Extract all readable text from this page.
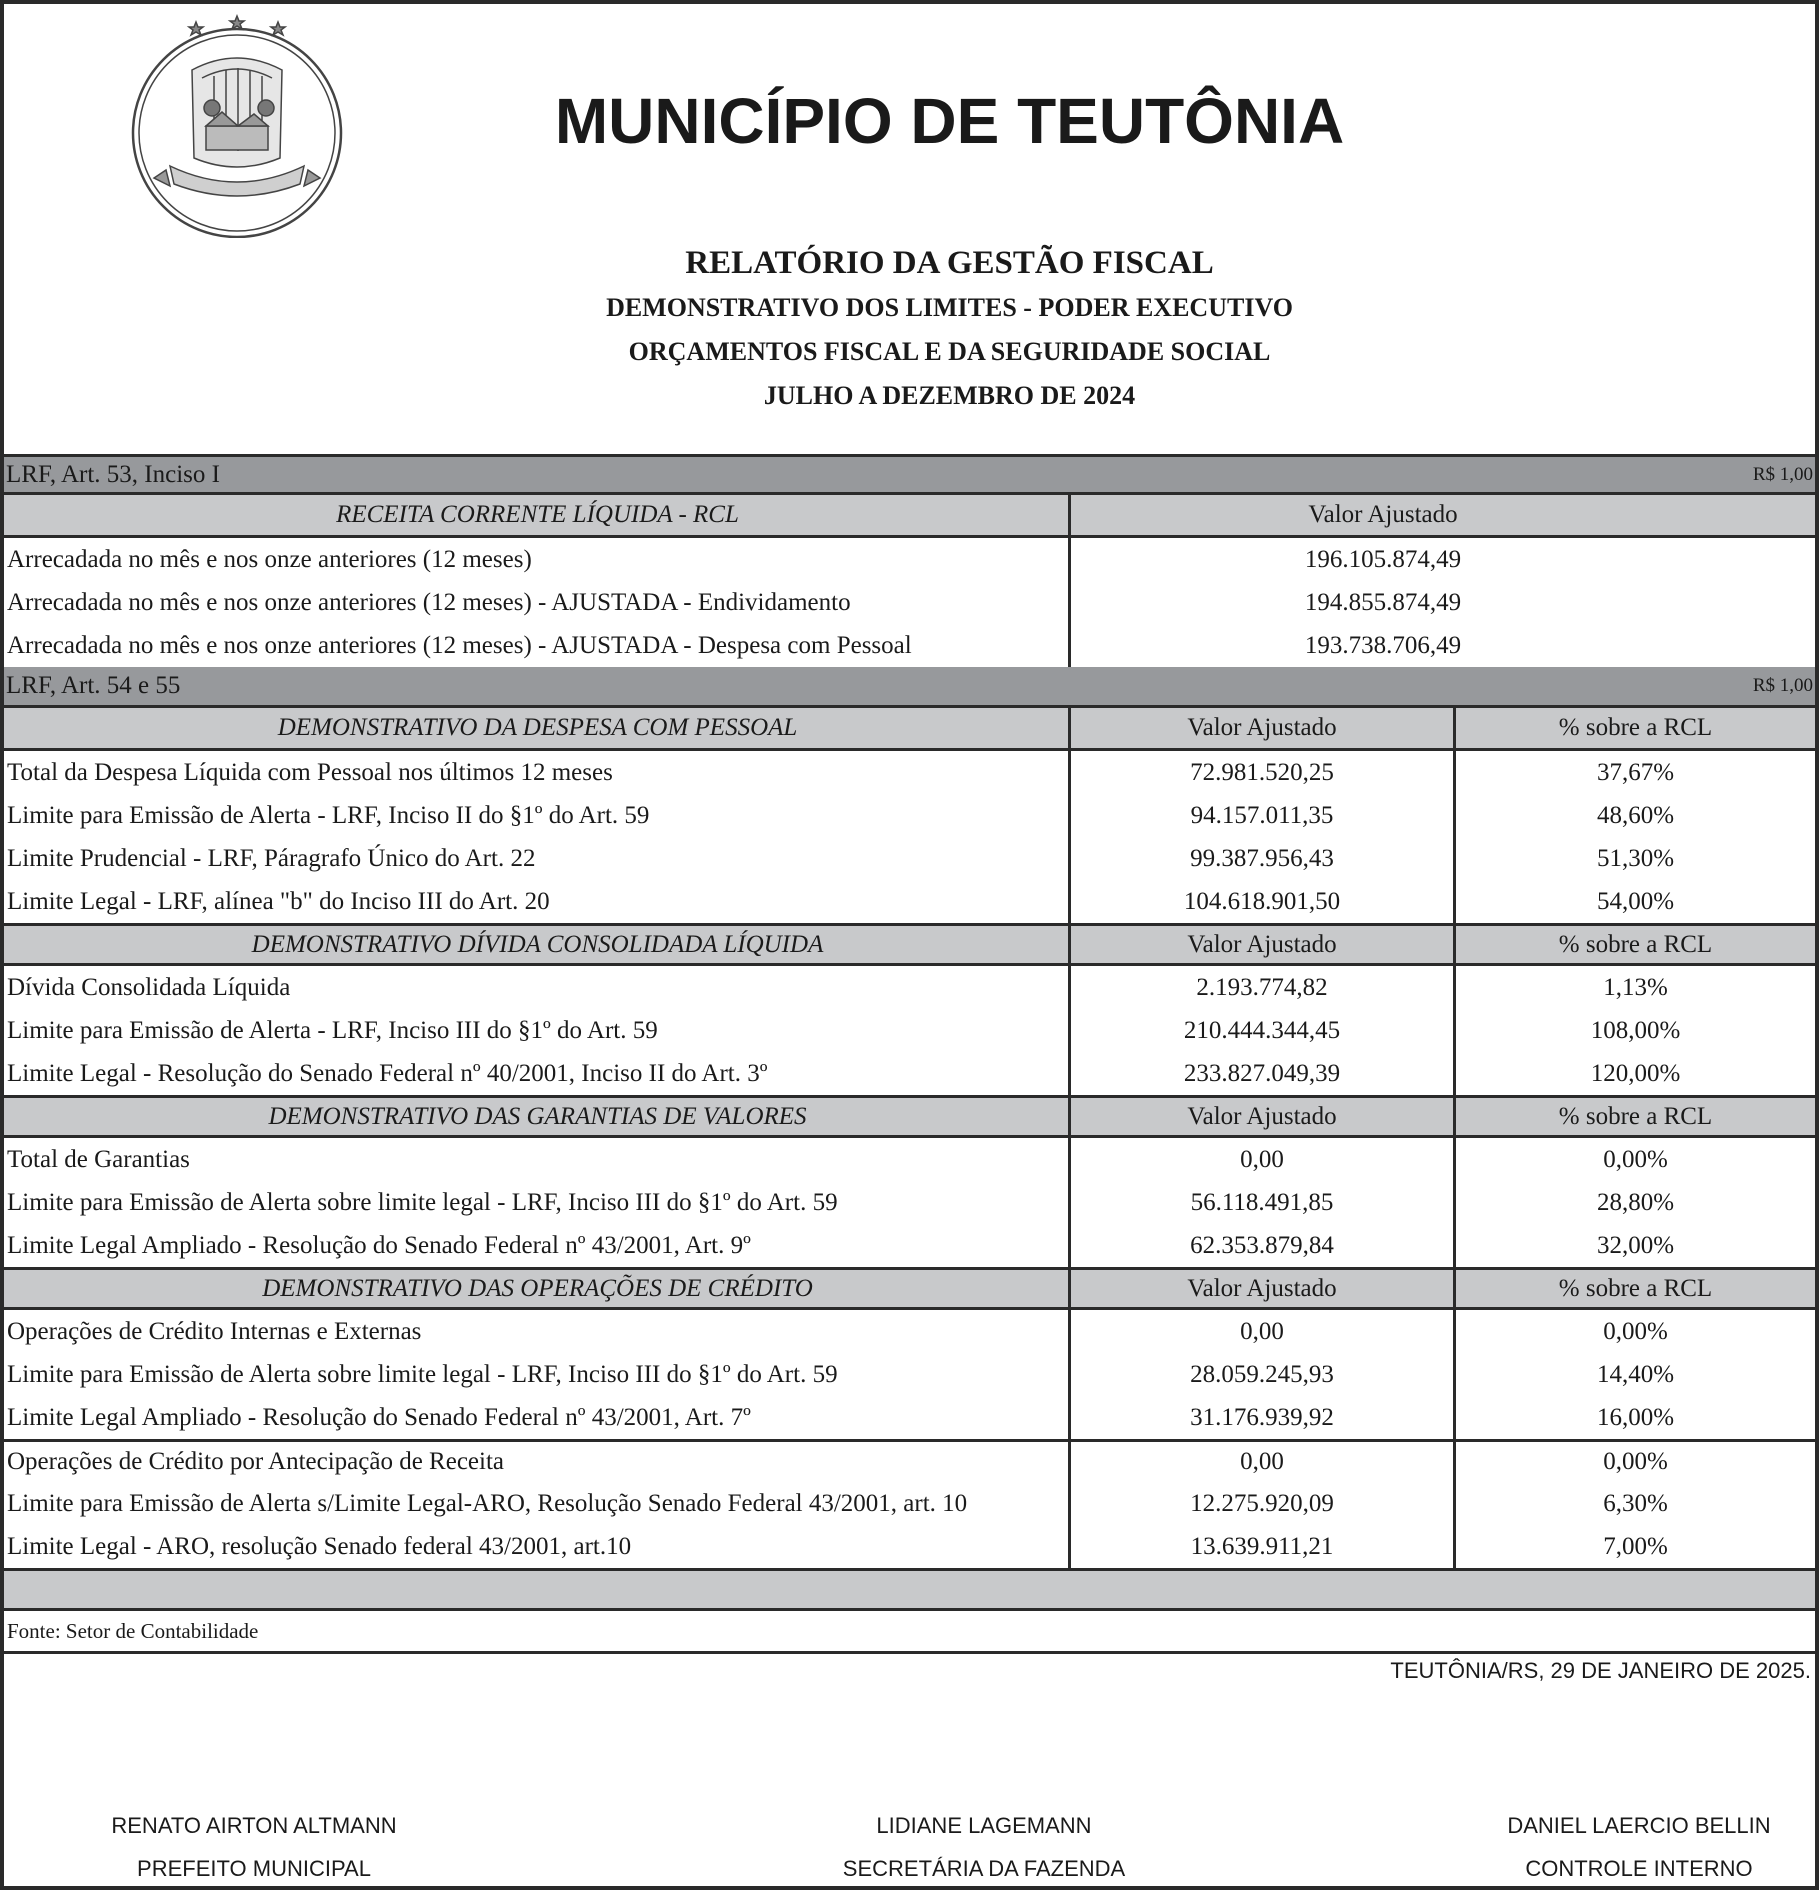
MUNICÍPIO DE TEUTÔNIA
RELATÓRIO DA GESTÃO FISCAL
DEMONSTRATIVO DOS LIMITES - PODER EXECUTIVO
ORÇAMENTOS FISCAL E DA SEGURIDADE SOCIAL
JULHO A DEZEMBRO DE 2024
LRF, Art. 53, Inciso I	R$ 1,00
RECEITA CORRENTE LÍQUIDA - RCL	Valor Ajustado
Arrecadada no mês e nos onze anteriores (12 meses)	196.105.874,49
Arrecadada no mês e nos onze anteriores (12 meses) - AJUSTADA - Endividamento	194.855.874,49
Arrecadada no mês e nos onze anteriores (12 meses) - AJUSTADA - Despesa com Pessoal	193.738.706,49
LRF, Art. 54 e 55	R$ 1,00
DEMONSTRATIVO DA DESPESA COM PESSOAL	Valor Ajustado	% sobre a RCL
Total da Despesa Líquida com Pessoal nos últimos 12 meses	72.981.520,25	37,67%
Limite para Emissão de Alerta - LRF, Inciso II do §1º do Art. 59	94.157.011,35	48,60%
Limite Prudencial - LRF, Páragrafo Único do Art. 22	99.387.956,43	51,30%
Limite Legal - LRF, alínea "b" do Inciso III do Art. 20	104.618.901,50	54,00%
DEMONSTRATIVO DÍVIDA CONSOLIDADA LÍQUIDA	Valor Ajustado	% sobre a RCL
Dívida Consolidada Líquida	2.193.774,82	1,13%
Limite para Emissão de Alerta - LRF, Inciso III do §1º do Art. 59	210.444.344,45	108,00%
Limite Legal - Resolução do Senado Federal nº 40/2001, Inciso II do Art. 3º	233.827.049,39	120,00%
DEMONSTRATIVO DAS GARANTIAS DE VALORES	Valor Ajustado	% sobre a RCL
Total de Garantias	0,00	0,00%
Limite para Emissão de Alerta sobre limite legal - LRF, Inciso III do §1º do Art. 59	56.118.491,85	28,80%
Limite Legal Ampliado - Resolução do Senado Federal nº 43/2001, Art. 9º	62.353.879,84	32,00%
DEMONSTRATIVO DAS OPERAÇÕES DE CRÉDITO	Valor Ajustado	% sobre a RCL
Operações de Crédito Internas e Externas	0,00	0,00%
Limite para Emissão de Alerta sobre limite legal - LRF, Inciso III do §1º do Art. 59	28.059.245,93	14,40%
Limite Legal Ampliado - Resolução do Senado Federal nº 43/2001, Art. 7º	31.176.939,92	16,00%
Operações de Crédito por Antecipação de Receita	0,00	0,00%
Limite para Emissão de Alerta s/Limite Legal-ARO, Resolução Senado Federal 43/2001, art. 10	12.275.920,09	6,30%
Limite Legal - ARO, resolução Senado federal 43/2001, art.10	13.639.911,21	7,00%
Fonte: Setor de Contabilidade
TEUTÔNIA/RS, 29 DE JANEIRO DE 2025.
RENATO AIRTON ALTMANN
PREFEITO MUNICIPAL
LIDIANE LAGEMANN
SECRETÁRIA DA FAZENDA
DANIEL LAERCIO BELLIN
CONTROLE INTERNO
